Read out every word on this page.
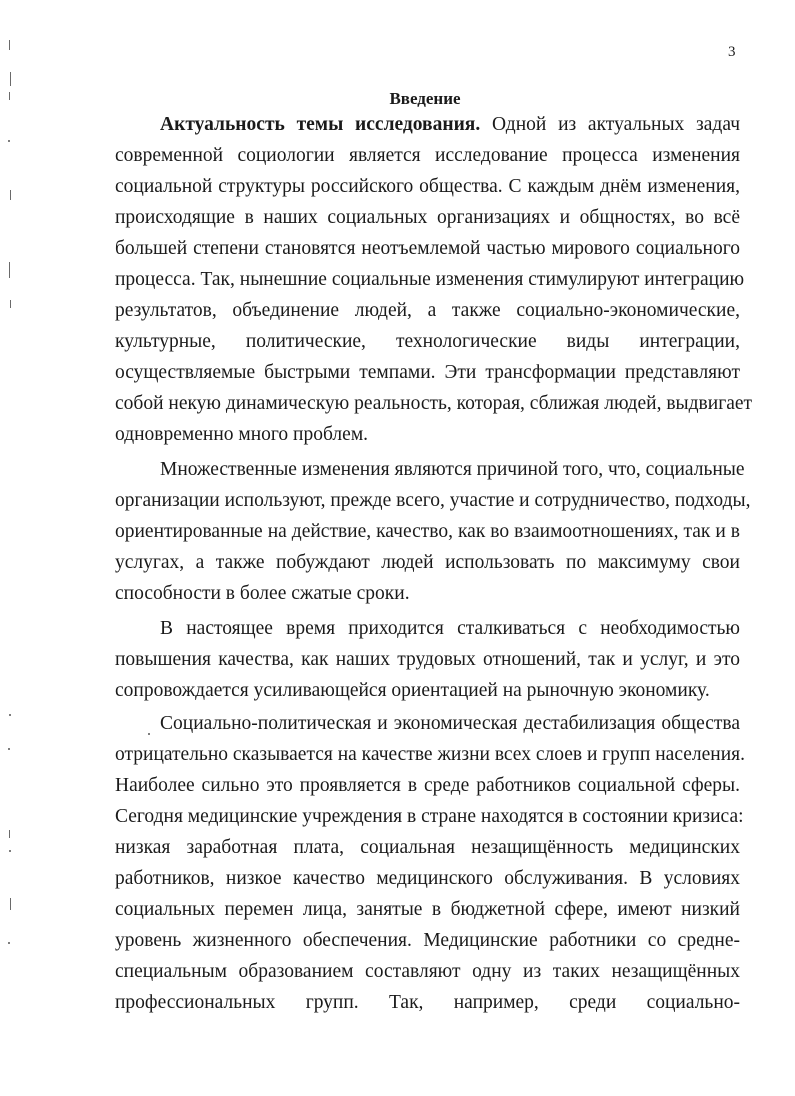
3
Введение
Актуальность темы исследования. Одной из актуальных задач
современной социологии является исследование процесса изменения
социальной структуры российского общества. С каждым днём изменения,
происходящие в наших социальных организациях и общностях, во всё
большей степени становятся неотъемлемой частью мирового социального
процесса. Так, нынешние социальные изменения стимулируют интеграцию
результатов, объединение людей, а также социально-экономические,
культурные, политические, технологические виды интеграции,
осуществляемые быстрыми темпами. Эти трансформации представляют
собой некую динамическую реальность, которая, сближая людей, выдвигает
одновременно много проблем.
Множественные изменения являются причиной того, что, социальные
организации используют, прежде всего, участие и сотрудничество, подходы,
ориентированные на действие, качество, как во взаимоотношениях, так и в
услугах, а также побуждают людей использовать по максимуму свои
способности в более сжатые сроки.
В настоящее время приходится сталкиваться с необходимостью
повышения качества, как наших трудовых отношений, так и услуг, и это
сопровождается усиливающейся ориентацией на рыночную экономику.
Социально-политическая и экономическая дестабилизация общества
отрицательно сказывается на качестве жизни всех слоев и групп населения.
Наиболее сильно это проявляется в среде работников социальной сферы.
Сегодня медицинские учреждения в стране находятся в состоянии кризиса:
низкая заработная плата, социальная незащищённость медицинских
работников, низкое качество медицинского обслуживания. В условиях
социальных перемен лица, занятые в бюджетной сфере, имеют низкий
уровень жизненного обеспечения. Медицинские работники со средне-
специальным образованием составляют одну из таких незащищённых
профессиональных групп. Так, например, среди социально-
